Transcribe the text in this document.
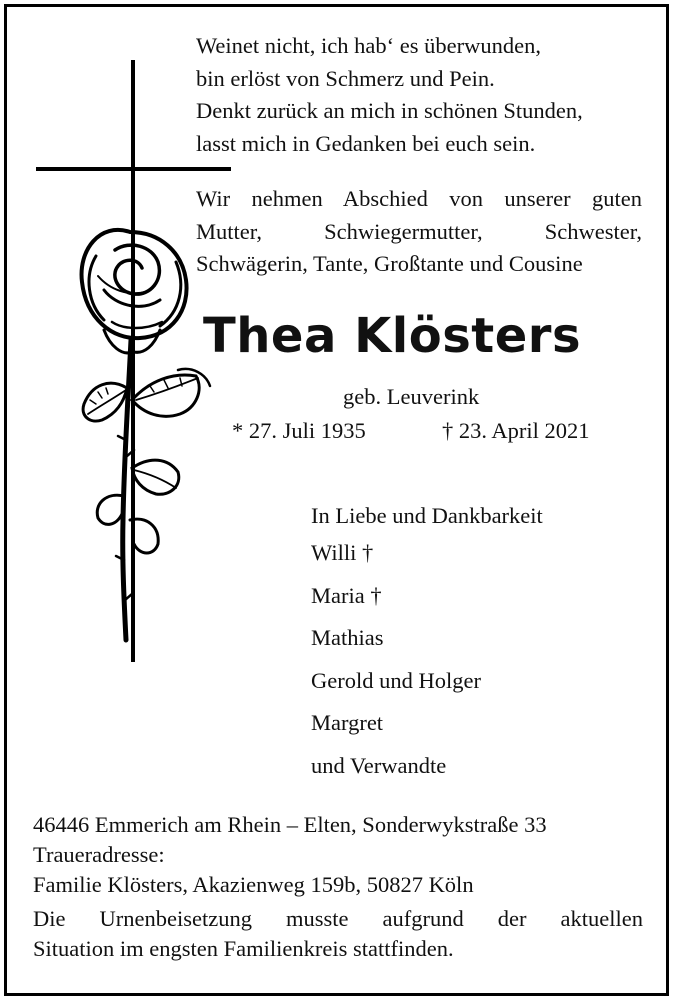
Weinet nicht, ich hab‘ es überwunden,
bin erlöst von Schmerz und Pein.
Denkt zurück an mich in schönen Stunden,
lasst mich in Gedanken bei euch sein.
Wir nehmen Abschied von unserer guten
Mutter, Schwiegermutter, Schwester,
Schwägerin, Tante, Großtante und Cousine
Thea Klösters
geb. Leuverink
* 27. Juli 1935	† 23. April 2021
In Liebe und Dankbarkeit
Willi †
Maria †
Mathias
Gerold und Holger
Margret
und Verwandte
46446 Emmerich am Rhein – Elten, Sonderwykstraße 33
Traueradresse:
Familie Klösters, Akazienweg 159b, 50827 Köln
Die Urnenbeisetzung musste aufgrund der aktuellen
Situation im engsten Familienkreis stattfinden.
